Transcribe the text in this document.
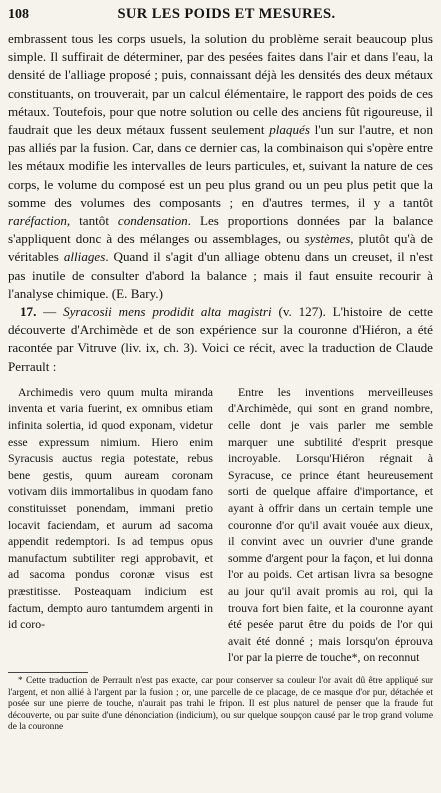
108	SUR LES POIDS ET MESURES.

embrassent tous les corps usuels, la solution du problème serait beaucoup plus simple. Il suffirait de déterminer, par des pesées faites dans l'air et dans l'eau, la densité de l'alliage proposé ; puis, connaissant déjà les densités des deux métaux constituants, on trouverait, par un calcul élémentaire, le rapport des poids de ces métaux. Toutefois, pour que notre solution ou celle des anciens fût rigoureuse, il faudrait que les deux métaux fussent seulement plaqués l'un sur l'autre, et non pas alliés par la fusion. Car, dans ce dernier cas, la combinaison qui s'opère entre les métaux modifie les intervalles de leurs particules, et, suivant la nature de ces corps, le volume du composé est un peu plus grand ou un peu plus petit que la somme des volumes des composants ; en d'autres termes, il y a tantôt raréfaction, tantôt condensation. Les proportions données par la balance s'appliquent donc à des mélanges ou assemblages, ou systèmes, plutôt qu'à de véritables alliages. Quand il s'agit d'un alliage obtenu dans un creuset, il n'est pas inutile de consulter d'abord la balance ; mais il faut ensuite recourir à l'analyse chimique. (E. Bary.)

17. — Syracosii mens prodidit alta magistri (v. 127). L'histoire de cette découverte d'Archimède et de son expérience sur la couronne d'Hiéron, a été racontée par Vitruve (liv. ix, ch. 3). Voici ce récit, avec la traduction de Claude Perrault :

Archimedis vero quum multa miranda inventa et varia fuerint, ex omnibus etiam infinita solertia, id quod exponam, videtur esse expressum nimium. Hiero enim Syracusis auctus regia potestate, rebus bene gestis, quum auream coronam votivam diis immortalibus in quodam fano constituisset ponendam, immani pretio locavit faciendam, et aurum ad sacoma appendit redemptori. Is ad tempus opus manufactum subtiliter regi approbavit, et ad sacoma pondus coronæ visus est præstitisse. Posteaquam indicium est factum, dempto auro tantumdem argenti in id coro-

Entre les inventions merveilleuses d'Archimède, qui sont en grand nombre, celle dont je vais parler me semble marquer une subtilité d'esprit presque incroyable. Lorsqu'Hiéron régnait à Syracuse, ce prince étant heureusement sorti de quelque affaire d'importance, et ayant à offrir dans un certain temple une couronne d'or qu'il avait vouée aux dieux, il convint avec un ouvrier d'une grande somme d'argent pour la façon, et lui donna l'or au poids. Cet artisan livra sa besogne au jour qu'il avait promis au roi, qui la trouva fort bien faite, et la couronne ayant été pesée parut être du poids de l'or qui avait été donné ; mais lorsqu'on éprouva l'or par la pierre de touche*, on reconnut

* Cette traduction de Perrault n'est pas exacte, car pour conserver sa couleur l'or avait dû être appliqué sur l'argent, et non allié à l'argent par la fusion ; or, une parcelle de ce placage, de ce masque d'or pur, détachée et posée sur une pierre de touche, n'aurait pas trahi le fripon. Il est plus naturel de penser que la fraude fut découverte, ou par suite d'une dénonciation (indicium), ou sur quelque soupçon causé par le trop grand volume de la couronne
